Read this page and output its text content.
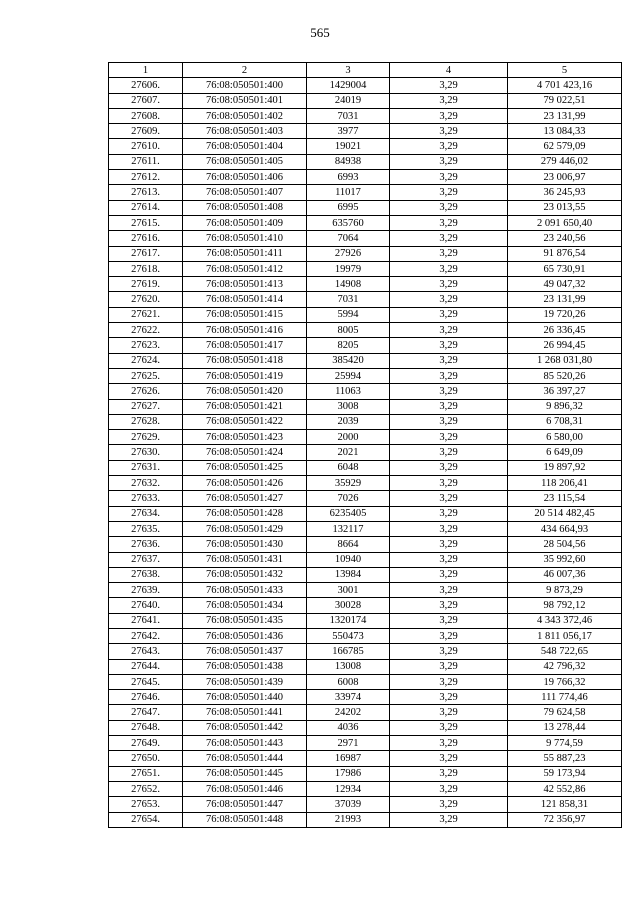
565
1	2	3	4	5
27606.	76:08:050501:400	1429004	3,29	4 701 423,16
27607.	76:08:050501:401	24019	3,29	79 022,51
27608.	76:08:050501:402	7031	3,29	23 131,99
27609.	76:08:050501:403	3977	3,29	13 084,33
27610.	76:08:050501:404	19021	3,29	62 579,09
27611.	76:08:050501:405	84938	3,29	279 446,02
27612.	76:08:050501:406	6993	3,29	23 006,97
27613.	76:08:050501:407	11017	3,29	36 245,93
27614.	76:08:050501:408	6995	3,29	23 013,55
27615.	76:08:050501:409	635760	3,29	2 091 650,40
27616.	76:08:050501:410	7064	3,29	23 240,56
27617.	76:08:050501:411	27926	3,29	91 876,54
27618.	76:08:050501:412	19979	3,29	65 730,91
27619.	76:08:050501:413	14908	3,29	49 047,32
27620.	76:08:050501:414	7031	3,29	23 131,99
27621.	76:08:050501:415	5994	3,29	19 720,26
27622.	76:08:050501:416	8005	3,29	26 336,45
27623.	76:08:050501:417	8205	3,29	26 994,45
27624.	76:08:050501:418	385420	3,29	1 268 031,80
27625.	76:08:050501:419	25994	3,29	85 520,26
27626.	76:08:050501:420	11063	3,29	36 397,27
27627.	76:08:050501:421	3008	3,29	9 896,32
27628.	76:08:050501:422	2039	3,29	6 708,31
27629.	76:08:050501:423	2000	3,29	6 580,00
27630.	76:08:050501:424	2021	3,29	6 649,09
27631.	76:08:050501:425	6048	3,29	19 897,92
27632.	76:08:050501:426	35929	3,29	118 206,41
27633.	76:08:050501:427	7026	3,29	23 115,54
27634.	76:08:050501:428	6235405	3,29	20 514 482,45
27635.	76:08:050501:429	132117	3,29	434 664,93
27636.	76:08:050501:430	8664	3,29	28 504,56
27637.	76:08:050501:431	10940	3,29	35 992,60
27638.	76:08:050501:432	13984	3,29	46 007,36
27639.	76:08:050501:433	3001	3,29	9 873,29
27640.	76:08:050501:434	30028	3,29	98 792,12
27641.	76:08:050501:435	1320174	3,29	4 343 372,46
27642.	76:08:050501:436	550473	3,29	1 811 056,17
27643.	76:08:050501:437	166785	3,29	548 722,65
27644.	76:08:050501:438	13008	3,29	42 796,32
27645.	76:08:050501:439	6008	3,29	19 766,32
27646.	76:08:050501:440	33974	3,29	111 774,46
27647.	76:08:050501:441	24202	3,29	79 624,58
27648.	76:08:050501:442	4036	3,29	13 278,44
27649.	76:08:050501:443	2971	3,29	9 774,59
27650.	76:08:050501:444	16987	3,29	55 887,23
27651.	76:08:050501:445	17986	3,29	59 173,94
27652.	76:08:050501:446	12934	3,29	42 552,86
27653.	76:08:050501:447	37039	3,29	121 858,31
27654.	76:08:050501:448	21993	3,29	72 356,97
